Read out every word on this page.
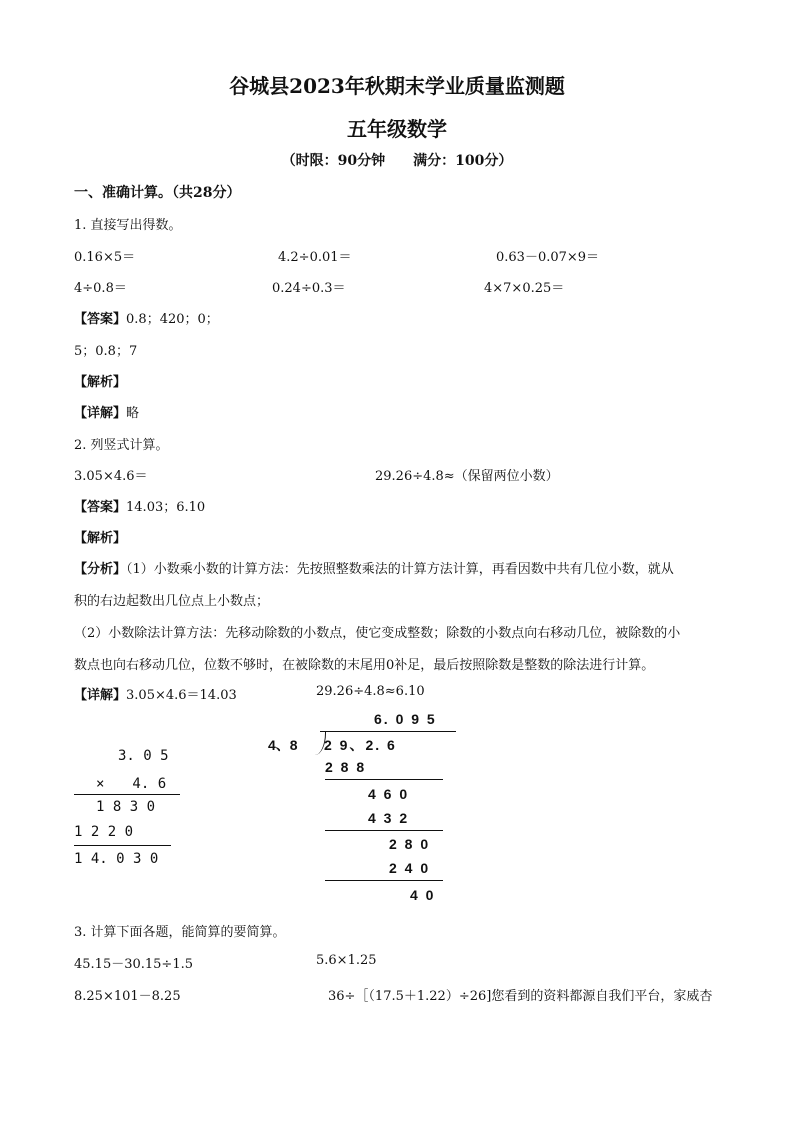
谷城县2023年秋期末学业质量监测题
五年级数学
（时限：90分钟　　满分：100分）
一、准确计算。（共28分）
1. 直接写出得数。
0.16×5＝	4.2÷0.01＝	0.63－0.07×9＝
4÷0.8＝	0.24÷0.3＝	4×7×0.25＝
【答案】0.8；420；0；
5；0.8；7
【解析】
【详解】略
2. 列竖式计算。
3.05×4.6＝	29.26÷4.8≈（保留两位小数）
【答案】14.03；6.10
【解析】
【分析】（1）小数乘小数的计算方法：先按照整数乘法的计算方法计算，再看因数中共有几位小数，就从
积的右边起数出几位点上小数点；
（2）小数除法计算方法：先移动除数的小数点，使它变成整数；除数的小数点向右移动几位，被除数的小
数点也向右移动几位，位数不够时，在被除数的末尾用0补足，最后按照除数是整数的除法进行计算。
【详解】3.05×4.6＝14.03	29.26÷4.8≈6.10
3. 0 5
×　　4. 6
1 8 3 0
1 2 2 0
1 4. 0 3 0
6. 0 9 5
4、8 2 9、2. 6
2 8 8
4 6 0
4 3 2
2 8 0
2 4 0
4 0
3. 计算下面各题，能简算的要简算。
45.15－30.15÷1.5	5.6×1.25
8.25×101－8.25	36÷［（17.5＋1.22）÷26]您看到的资料都源自我们平台，家威杏
